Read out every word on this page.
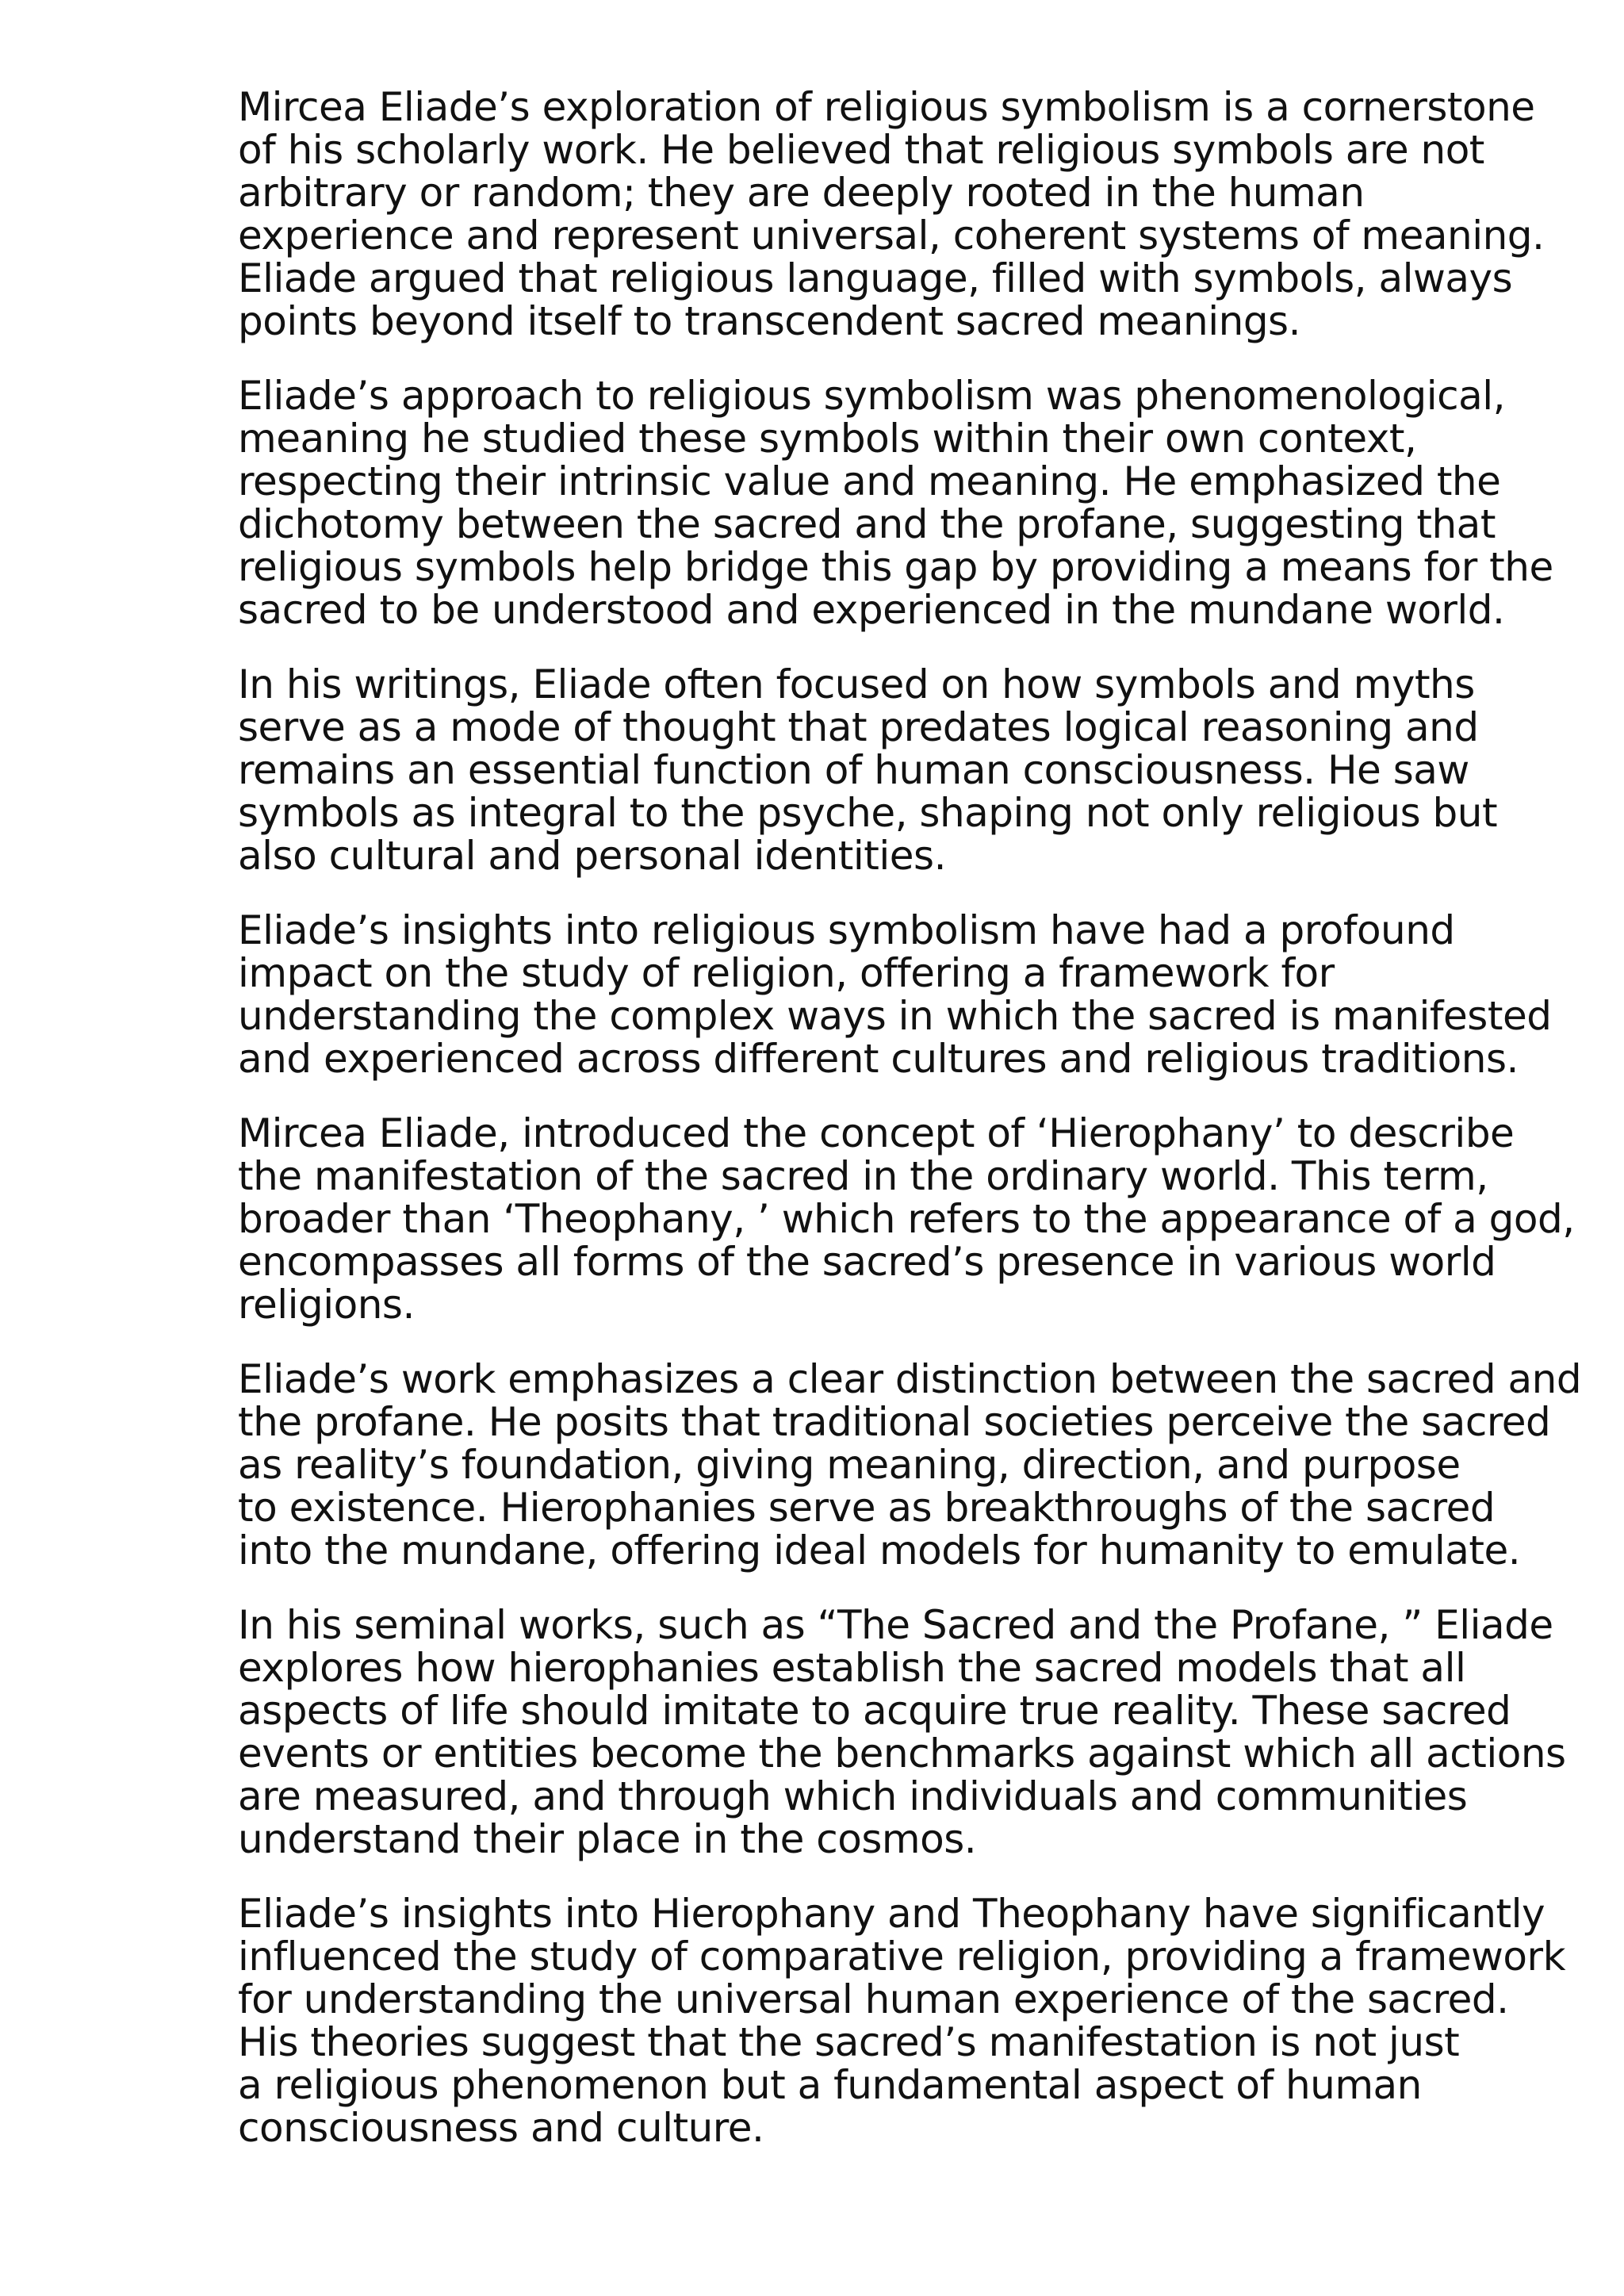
Mircea Eliade’s exploration of religious symbolism is a cornerstone
of his scholarly work. He believed that religious symbols are not
arbitrary or random; they are deeply rooted in the human
experience and represent universal, coherent systems of meaning.
Eliade argued that religious language, filled with symbols, always
points beyond itself to transcendent sacred meanings.

Eliade’s approach to religious symbolism was phenomenological,
meaning he studied these symbols within their own context,
respecting their intrinsic value and meaning. He emphasized the
dichotomy between the sacred and the profane, suggesting that
religious symbols help bridge this gap by providing a means for the
sacred to be understood and experienced in the mundane world.

In his writings, Eliade often focused on how symbols and myths
serve as a mode of thought that predates logical reasoning and
remains an essential function of human consciousness. He saw
symbols as integral to the psyche, shaping not only religious but
also cultural and personal identities.

Eliade’s insights into religious symbolism have had a profound
impact on the study of religion, offering a framework for
understanding the complex ways in which the sacred is manifested
and experienced across different cultures and religious traditions.

Mircea Eliade, introduced the concept of ‘Hierophany’ to describe
the manifestation of the sacred in the ordinary world. This term,
broader than ‘Theophany, ’ which refers to the appearance of a god,
encompasses all forms of the sacred’s presence in various world
religions.

Eliade’s work emphasizes a clear distinction between the sacred and
the profane. He posits that traditional societies perceive the sacred
as reality’s foundation, giving meaning, direction, and purpose
to existence. Hierophanies serve as breakthroughs of the sacred
into the mundane, offering ideal models for humanity to emulate.

In his seminal works, such as “The Sacred and the Profane, ” Eliade
explores how hierophanies establish the sacred models that all
aspects of life should imitate to acquire true reality. These sacred
events or entities become the benchmarks against which all actions
are measured, and through which individuals and communities
understand their place in the cosmos.

Eliade’s insights into Hierophany and Theophany have significantly
influenced the study of comparative religion, providing a framework
for understanding the universal human experience of the sacred.
His theories suggest that the sacred’s manifestation is not just
a religious phenomenon but a fundamental aspect of human
consciousness and culture.
